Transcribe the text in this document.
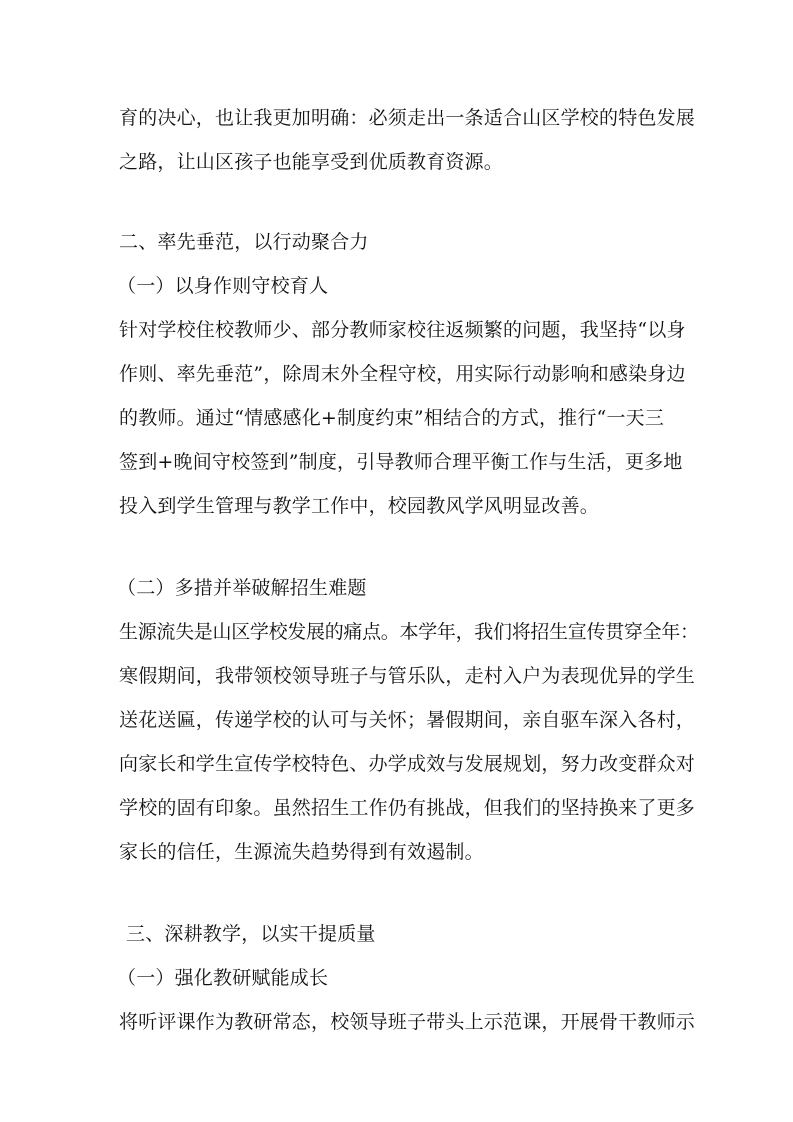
育的决心，也让我更加明确：必须走出一条适合山区学校的特色发展
之路，让山区孩子也能享受到优质教育资源。
二、率先垂范，以行动聚合力
（一）以身作则守校育人
针对学校住校教师少、部分教师家校往返频繁的问题，我坚持“以身
作则、率先垂范”，除周末外全程守校，用实际行动影响和感染身边
的教师。通过“情感感化+制度约束”相结合的方式，推行“一天三
签到+晚间守校签到”制度，引导教师合理平衡工作与生活，更多地
投入到学生管理与教学工作中，校园教风学风明显改善。
（二）多措并举破解招生难题
生源流失是山区学校发展的痛点。本学年，我们将招生宣传贯穿全年：
寒假期间，我带领校领导班子与管乐队，走村入户为表现优异的学生
送花送匾，传递学校的认可与关怀；暑假期间，亲自驱车深入各村，
向家长和学生宣传学校特色、办学成效与发展规划，努力改变群众对
学校的固有印象。虽然招生工作仍有挑战，但我们的坚持换来了更多
家长的信任，生源流失趋势得到有效遏制。
三、深耕教学，以实干提质量
（一）强化教研赋能成长
将听评课作为教研常态，校领导班子带头上示范课，开展骨干教师示
